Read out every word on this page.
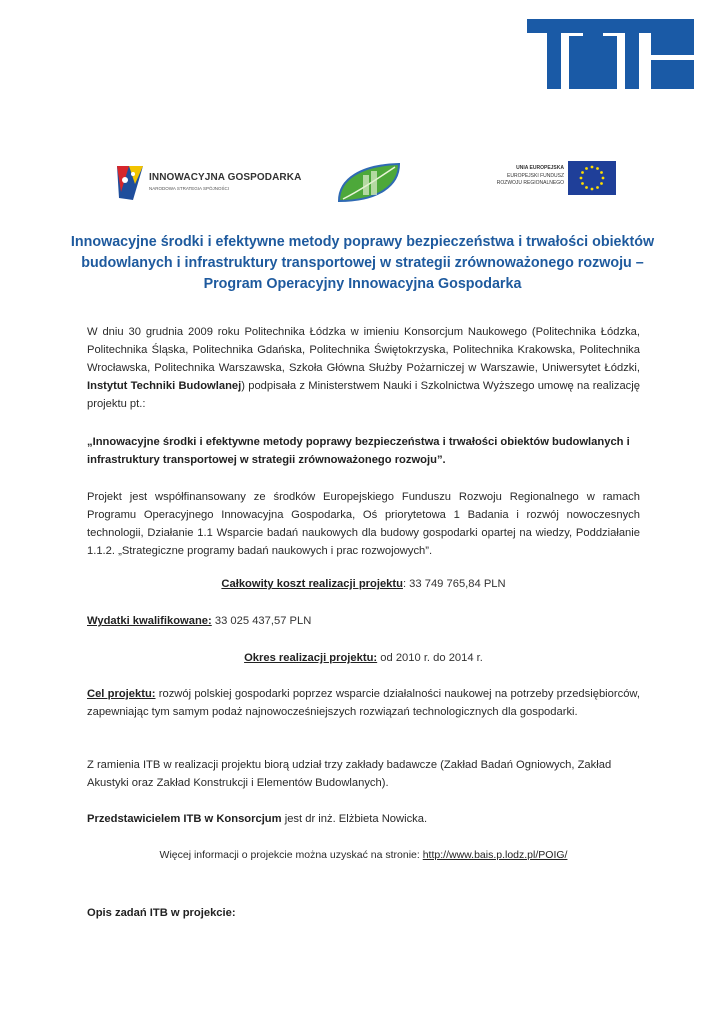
INNOWACYJNA GOSPODARKA
NARODOWA STRATEGIA SPÓJNOŚCI
UNIA EUROPEJSKA
EUROPEJSKI FUNDUSZ
ROZWOJU REGIONALNEGO
Innowacyjne środki i efektywne metody poprawy bezpieczeństwa i trwałości obiektów budowlanych i infrastruktury transportowej w strategii zrównoważonego rozwoju –Program Operacyjny Innowacyjna Gospodarka

W dniu 30 grudnia 2009 roku Politechnika Łódzka w imieniu Konsorcjum Naukowego (Politechnika Łódzka, Politechnika Śląska, Politechnika Gdańska, Politechnika Świętokrzyska, Politechnika Krakowska, Politechnika Wrocławska, Politechnika Warszawska, Szkoła Główna Służby Pożarniczej w Warszawie, Uniwersytet Łódzki, Instytut Techniki Budowlanej) podpisała z Ministerstwem Nauki i Szkolnictwa Wyższego umowę na realizację projektu pt.:

„Innowacyjne środki i efektywne metody poprawy bezpieczeństwa i trwałości obiektów budowlanych i infrastruktury transportowej w strategii zrównoważonego rozwoju”.

Projekt jest współfinansowany ze środków Europejskiego Funduszu Rozwoju Regionalnego w ramach Programu Operacyjnego Innowacyjna Gospodarka, Oś priorytetowa 1 Badania i rozwój nowoczesnych technologii, Działanie 1.1 Wsparcie badań naukowych dla budowy gospodarki opartej na wiedzy, Poddziałanie 1.1.2. „Strategiczne programy badań naukowych i prac rozwojowych”.

Całkowity koszt realizacji projektu: 33 749 765,84 PLN

Wydatki kwalifikowane: 33 025 437,57 PLN

Okres realizacji projektu: od 2010 r. do 2014 r.

Cel projektu: rozwój polskiej gospodarki poprzez wsparcie działalności naukowej na potrzeby przedsiębiorców, zapewniając tym samym podaż najnowocześniejszych rozwiązań technologicznych dla gospodarki.

Z ramienia ITB w realizacji projektu biorą udział trzy zakłady badawcze (Zakład Badań Ogniowych, Zakład Akustyki oraz Zakład Konstrukcji i Elementów Budowlanych).

Przedstawicielem ITB w Konsorcjum jest dr inż. Elżbieta Nowicka.

Więcej informacji o projekcie można uzyskać na stronie: http://www.bais.p.lodz.pl/POIG/

Opis zadań ITB w projekcie:
